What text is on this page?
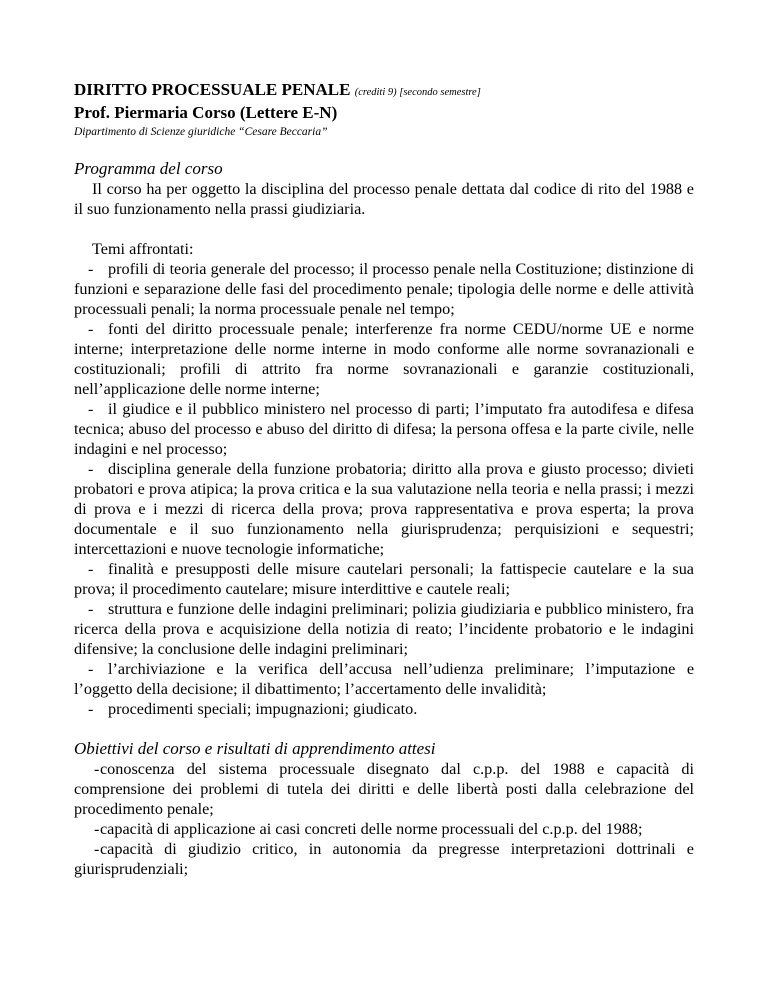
DIRITTO PROCESSUALE PENALE (crediti 9) [secondo semestre]
Prof. Piermaria Corso (Lettere E-N)
Dipartimento di Scienze giuridiche “Cesare Beccaria”
Programma del corso

Il corso ha per oggetto la disciplina del processo penale dettata dal codice di rito del 1988 e il suo funzionamento nella prassi giudiziaria.

Temi affrontati:

- profili di teoria generale del processo; il processo penale nella Costituzione; distinzione di funzioni e separazione delle fasi del procedimento penale; tipologia delle norme e delle attività processuali penali; la norma processuale penale nel tempo;

- fonti del diritto processuale penale; interferenze fra norme CEDU/norme UE e norme interne; interpretazione delle norme interne in modo conforme alle norme sovranazionali e costituzionali; profili di attrito fra norme sovranazionali e garanzie costituzionali, nell’applicazione delle norme interne;

- il giudice e il pubblico ministero nel processo di parti; l’imputato fra autodifesa e difesa tecnica; abuso del processo e abuso del diritto di difesa; la persona offesa e la parte civile, nelle indagini e nel processo;

- disciplina generale della funzione probatoria; diritto alla prova e giusto processo; divieti probatori e prova atipica; la prova critica e la sua valutazione nella teoria e nella prassi; i mezzi di prova e i mezzi di ricerca della prova; prova rappresentativa e prova esperta; la prova documentale e il suo funzionamento nella giurisprudenza; perquisizioni e sequestri; intercettazioni e nuove tecnologie informatiche;

- finalità e presupposti delle misure cautelari personali; la fattispecie cautelare e la sua prova; il procedimento cautelare; misure interdittive e cautele reali;

- struttura e funzione delle indagini preliminari; polizia giudiziaria e pubblico ministero, fra ricerca della prova e acquisizione della notizia di reato; l’incidente probatorio e le indagini difensive; la conclusione delle indagini preliminari;

- l’archiviazione e la verifica dell’accusa nell’udienza preliminare; l’imputazione e l’oggetto della decisione; il dibattimento; l’accertamento delle invalidità;

- procedimenti speciali; impugnazioni; giudicato.

Obiettivi del corso e risultati di apprendimento attesi

-conoscenza del sistema processuale disegnato dal c.p.p. del 1988 e capacità di comprensione dei problemi di tutela dei diritti e delle libertà posti dalla celebrazione del procedimento penale;

-capacità di applicazione ai casi concreti delle norme processuali del c.p.p. del 1988;

-capacità di giudizio critico, in autonomia da pregresse interpretazioni dottrinali e giurisprudenziali;
